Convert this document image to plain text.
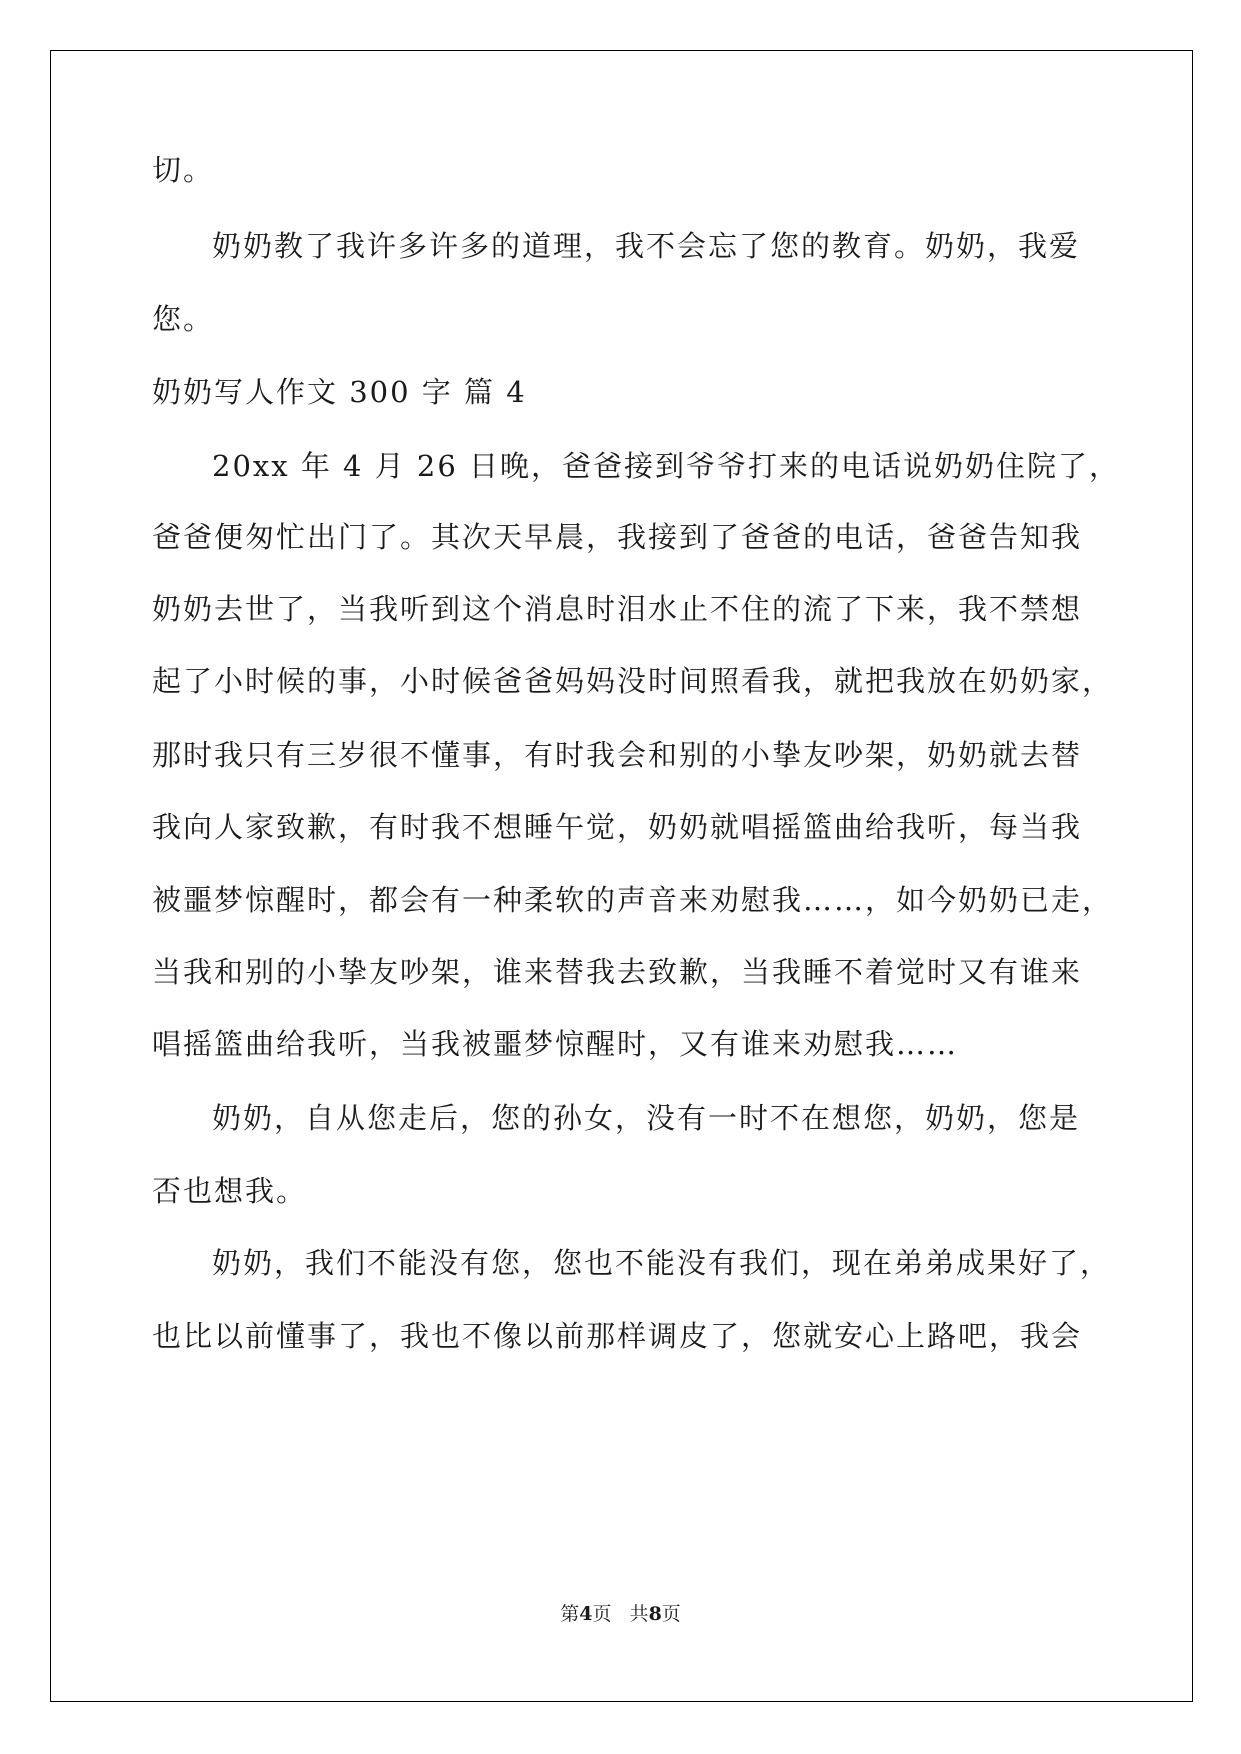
切。
奶奶教了我许多许多的道理，我不会忘了您的教育。奶奶，我爱
您。
奶奶写人作文 300 字 篇 4
20xx 年 4 月 26 日晚，爸爸接到爷爷打来的电话说奶奶住院了，
爸爸便匆忙出门了。其次天早晨，我接到了爸爸的电话，爸爸告知我
奶奶去世了，当我听到这个消息时泪水止不住的流了下来，我不禁想
起了小时候的事，小时候爸爸妈妈没时间照看我，就把我放在奶奶家，
那时我只有三岁很不懂事，有时我会和别的小挚友吵架，奶奶就去替
我向人家致歉，有时我不想睡午觉，奶奶就唱摇篮曲给我听，每当我
被噩梦惊醒时，都会有一种柔软的声音来劝慰我……，如今奶奶已走，
当我和别的小挚友吵架，谁来替我去致歉，当我睡不着觉时又有谁来
唱摇篮曲给我听，当我被噩梦惊醒时，又有谁来劝慰我……
奶奶，自从您走后，您的孙女，没有一时不在想您，奶奶，您是
否也想我。
奶奶，我们不能没有您，您也不能没有我们，现在弟弟成果好了，
也比以前懂事了，我也不像以前那样调皮了，您就安心上路吧，我会
第4页   共8页
